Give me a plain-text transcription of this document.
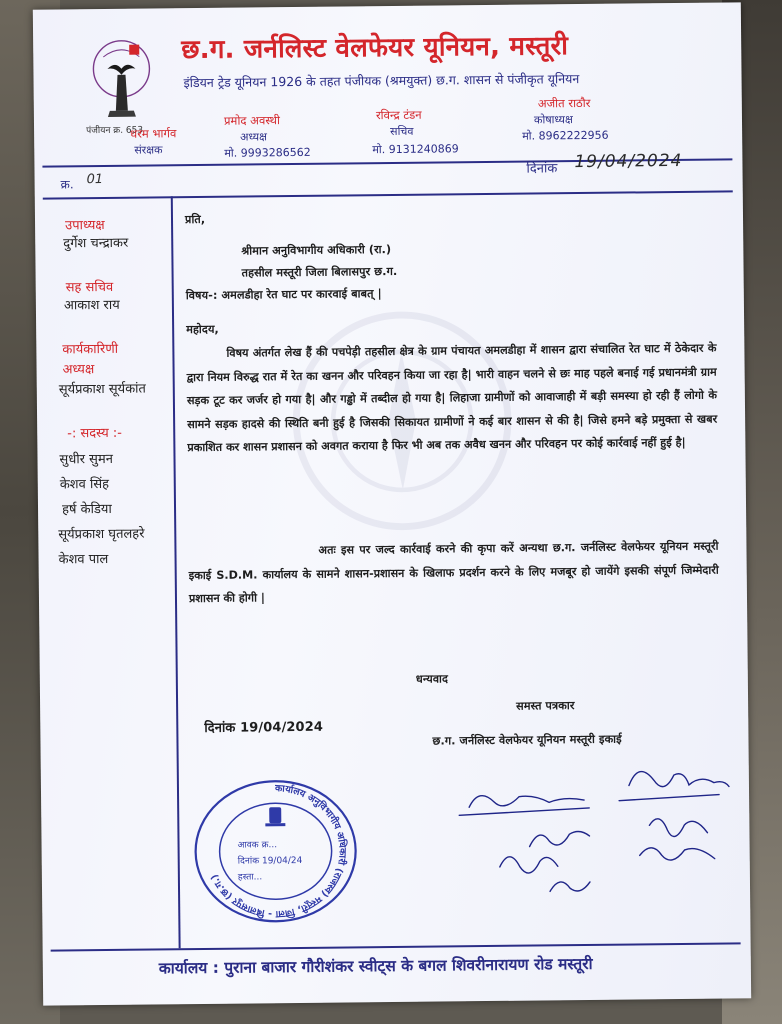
पंजीयन क्र. 653
छ.ग. जर्नलिस्ट वेलफेयर यूनियन, मस्तूरी
इंडियन ट्रेड यूनियन 1926 के तहत पंजीयक (श्रमयुक्त) छ.ग. शासन से पंजीकृत यूनियन
धरम भार्गव
संरक्षक
प्रमोद अवस्थी
अध्यक्ष
मो. 9993286562
रविन्द्र टंडन
सचिव
मो. 9131240869
अजीत राठौर
कोषाध्यक्ष
मो. 8962222956
क्र. 01
दिनांक 19/04/2024
उपाध्यक्ष
दुर्गेश चन्द्राकर
सह सचिव
आकाश राय
कार्यकारिणी
अध्यक्ष
सूर्यप्रकाश सूर्यकांत
-: सदस्य :-
सुधीर सुमन
केशव सिंह
हर्ष केडिया
सूर्यप्रकाश घृतलहरे
केशव पाल
प्रति,
श्रीमान अनुविभागीय अधिकारी (रा.)
तहसील मस्तूरी जिला बिलासपुर छ.ग.
विषय-: अमलडीहा रेत घाट पर कारवाई बाबत् |
महोदय,
विषय अंतर्गत लेख हैं की पचपेड़ी तहसील क्षेत्र के ग्राम पंचायत अमलडीहा में शासन द्वारा संचालित रेत घाट में ठेकेदार के द्वारा नियम विरुद्ध रात में रेत का खनन और परिवहन किया जा रहा है| भारी वाहन चलने से छः माह पहले बनाई गई प्रधानमंत्री ग्राम सड़क टूट कर जर्जर हो गया है| और गड्ढो में तब्दील हो गया है| लिहाजा ग्रामीणों को आवाजाही में बड़ी समस्या हो रही हैं लोगो के सामने सड़क हादसे की स्थिति बनी हुई है जिसकी सिकायत ग्रामीणों ने कई बार शासन से की है| जिसे हमने बड़े प्रमुक्ता से खबर प्रकाशित कर शासन प्रशासन को अवगत कराया है फिर भी अब तक अवैध खनन और परिवहन पर कोई कार्रवाई नहीं हुई है|
अतः इस पर जल्द कार्रवाई करने की कृपा करें अन्यथा छ.ग. जर्नलिस्ट वेलफेयर यूनियन मस्तूरी इकाई S.D.M. कार्यालय के सामने शासन-प्रशासन के खिलाफ प्रदर्शन करने के लिए मजबूर हो जायेंगे इसकी संपूर्ण जिम्मेदारी प्रशासन की होगी |
धन्यवाद
समस्त पत्रकार
दिनांक 19/04/2024
छ.ग. जर्नलिस्ट वेलफेयर यूनियन मस्तूरी इकाई
कार्यालय अनुविभागीय अधिकारी (राजस्व) मस्तूरी, जिला - बिलासपुर (छ.ग.)
आवक क्र...
दिनांक 19/04/24
हस्ता...
कार्यालय : पुराना बाजार गौरीशंकर स्वीट्स के बगल शिवरीनारायण रोड मस्तूरी
